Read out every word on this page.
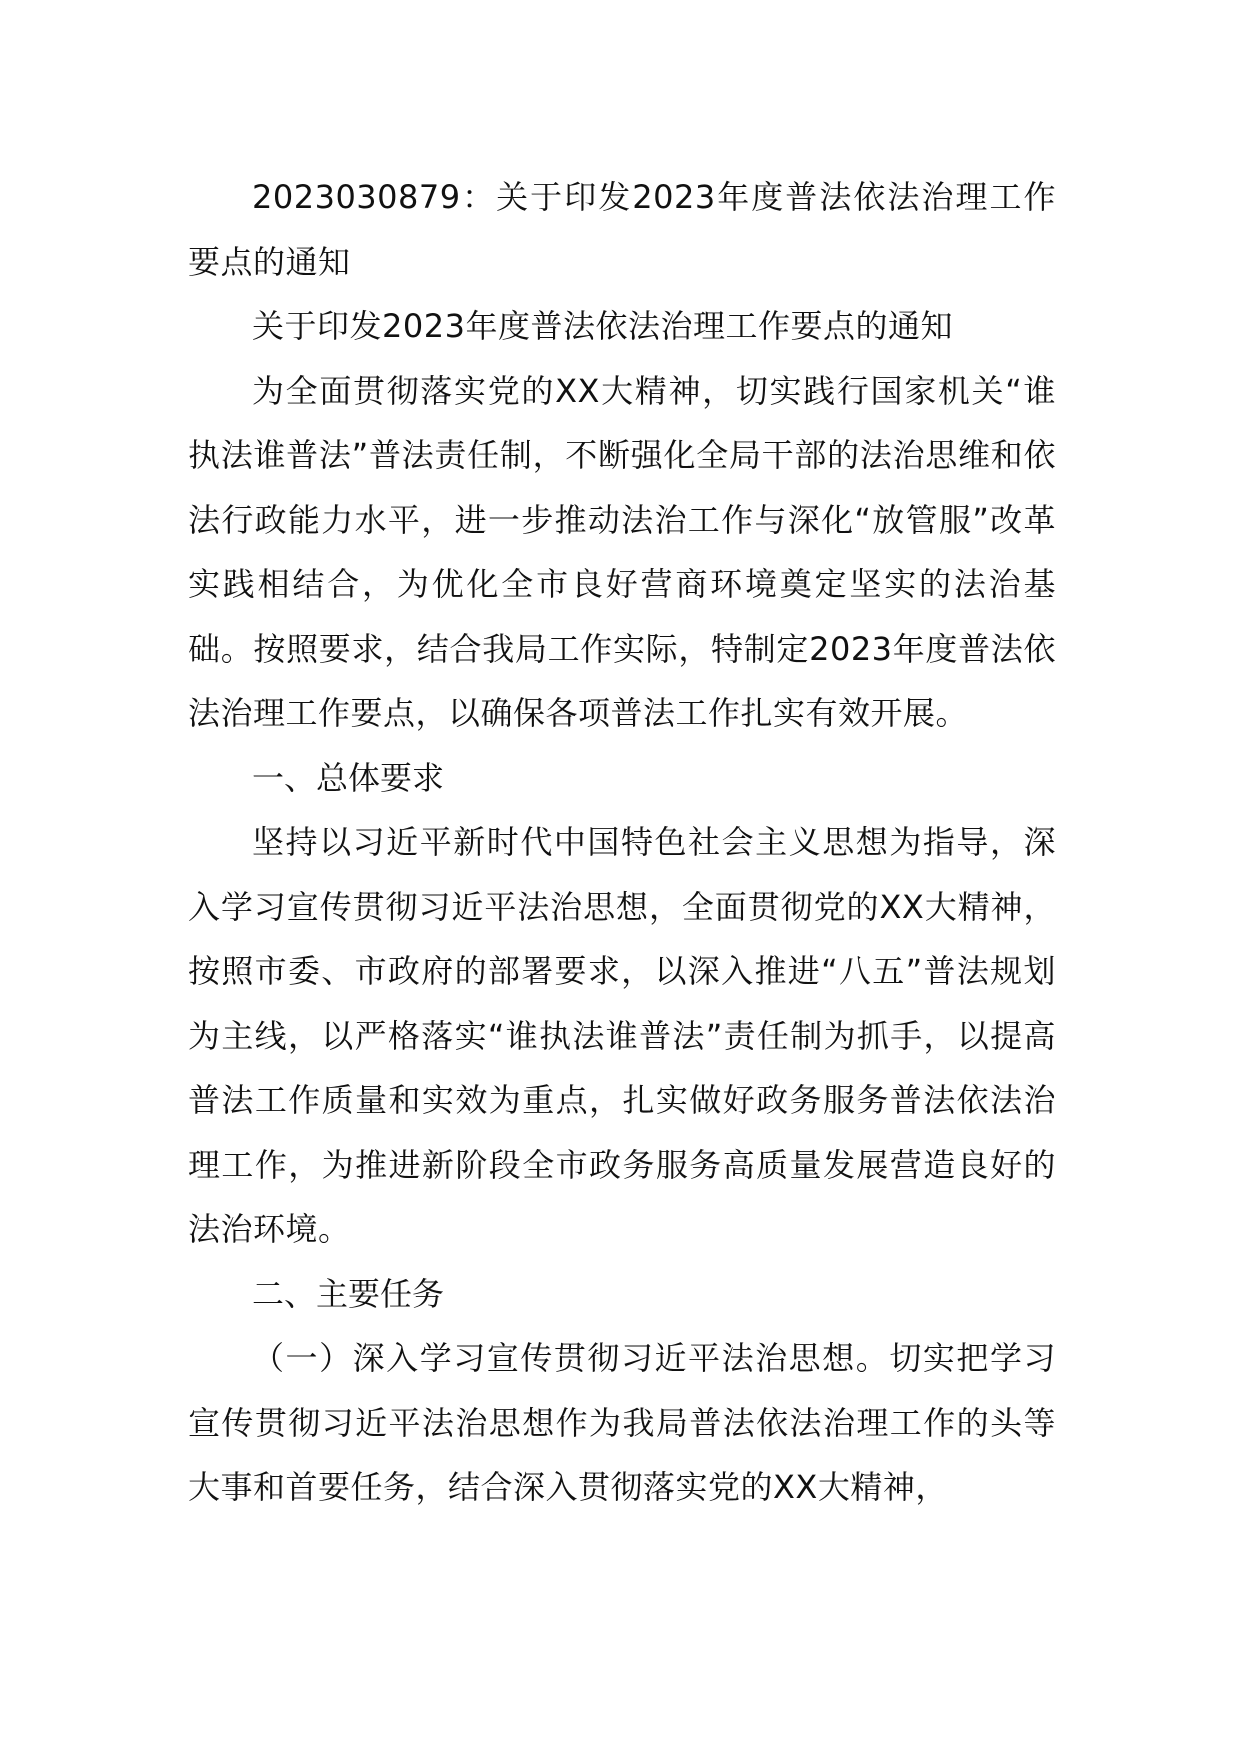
2023030879：关于印发2023年度普法依法治理工作要点的通知

关于印发2023年度普法依法治理工作要点的通知

为全面贯彻落实党的XX大精神，切实践行国家机关“谁执法谁普法”普法责任制，不断强化全局干部的法治思维和依法行政能力水平，进一步推动法治工作与深化“放管服”改革实践相结合，为优化全市良好营商环境奠定坚实的法治基础。按照要求，结合我局工作实际，特制定2023年度普法依法治理工作要点，以确保各项普法工作扎实有效开展。

一、总体要求

坚持以习近平新时代中国特色社会主义思想为指导，深入学习宣传贯彻习近平法治思想，全面贯彻党的XX大精神，按照市委、市政府的部署要求，以深入推进“八五”普法规划为主线，以严格落实“谁执法谁普法”责任制为抓手，以提高普法工作质量和实效为重点，扎实做好政务服务普法依法治理工作，为推进新阶段全市政务服务高质量发展营造良好的法治环境。

二、主要任务

（一）深入学习宣传贯彻习近平法治思想。切实把学习宣传贯彻习近平法治思想作为我局普法依法治理工作的头等大事和首要任务，结合深入贯彻落实党的XX大精神，
